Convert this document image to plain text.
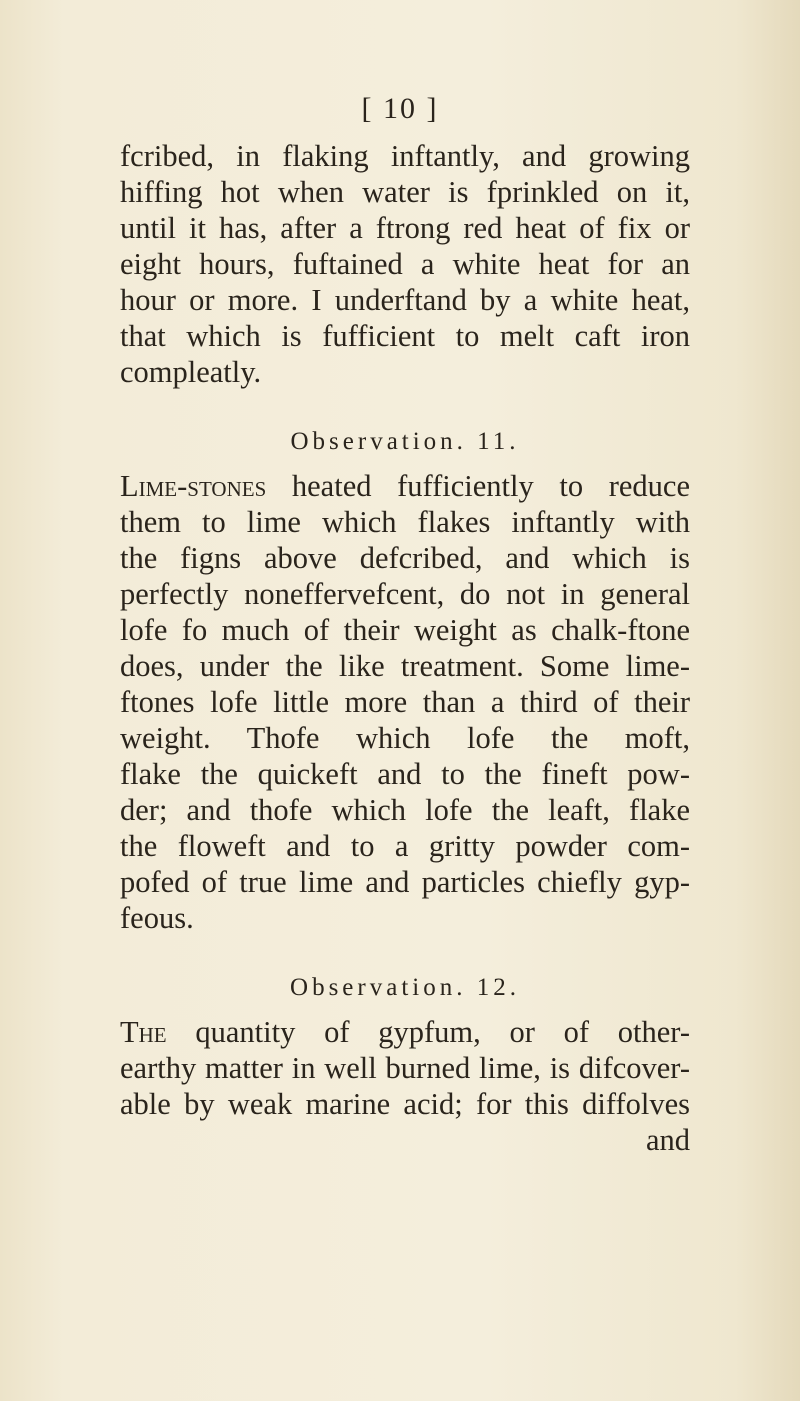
[ 10 ]
fcribed, in flaking inftantly, and growing
hiffing hot when water is fprinkled on it,
until it has, after a ftrong red heat of fix or
eight hours, fuftained a white heat for an
hour or more. I underftand by a white heat,
that which is fufficient to melt caft iron
compleatly.
Observation. 11.
Lime-stones heated fufficiently to reduce
them to lime which flakes inftantly with
the figns above defcribed, and which is
perfectly noneffervefcent, do not in general
lofe fo much of their weight as chalk-ftone
does, under the like treatment. Some lime-
ftones lofe little more than a third of their
weight. Thofe which lofe the moft,
flake the quickeft and to the fineft pow-
der; and thofe which lofe the leaft, flake
the floweft and to a gritty powder com-
pofed of true lime and particles chiefly gyp-
feous.
Observation. 12.
The quantity of gypfum, or of other-
earthy matter in well burned lime, is difcover-
able by weak marine acid; for this diffolves
and
